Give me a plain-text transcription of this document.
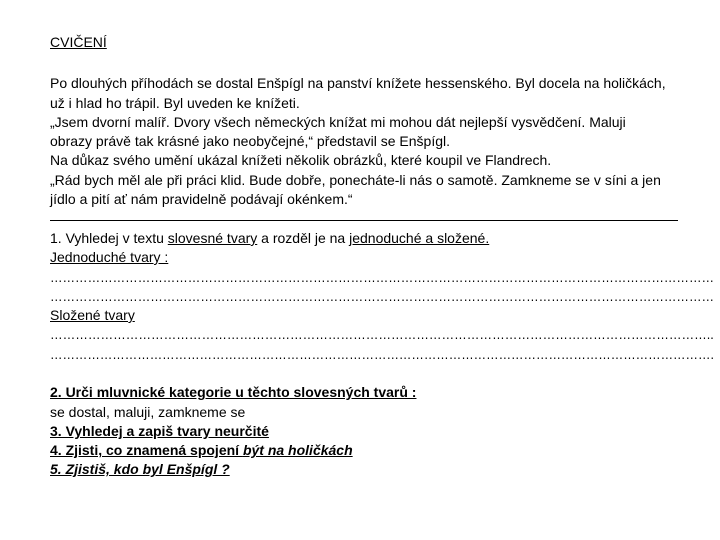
CVIČENÍ

Po dlouhých příhodách se dostal Enšpígl na panství knížete hessenského. Byl docela na holičkách,

už i hlad ho trápil. Byl uveden ke knížeti.

„Jsem dvorní malíř. Dvory všech německých knížat mi mohou dát nejlepší vysvědčení. Maluji

obrazy právě tak krásné jako neobyčejné,“ představil se Enšpígl.

Na důkaz svého umění ukázal knížeti několik obrázků, které koupil ve Flandrech.

„Rád bych měl ale při práci klid. Bude dobře, ponecháte-li nás o samotě. Zamkneme se v síni a jen

jídlo a pití ať nám pravidelně podávají okénkem.“

1. Vyhledej v textu slovesné tvary a rozděl je na jednoduché a složené.

Jednoduché tvary :

……………………………………………………………………………………………………………………………………………

……………………………………………………………………………………………………………………………………………

Složené tvary

…………………………………………………………………………………………………………………………………………..

…………………………………………………………………………………………………………………………………………….

2. Urči mluvnické kategorie u těchto slovesných tvarů :

se dostal, maluji, zamkneme se

3. Vyhledej a zapiš tvary neurčité

4. Zjisti, co znamená spojení být na holičkách

5. Zjistiš, kdo byl Enšpígl ?
